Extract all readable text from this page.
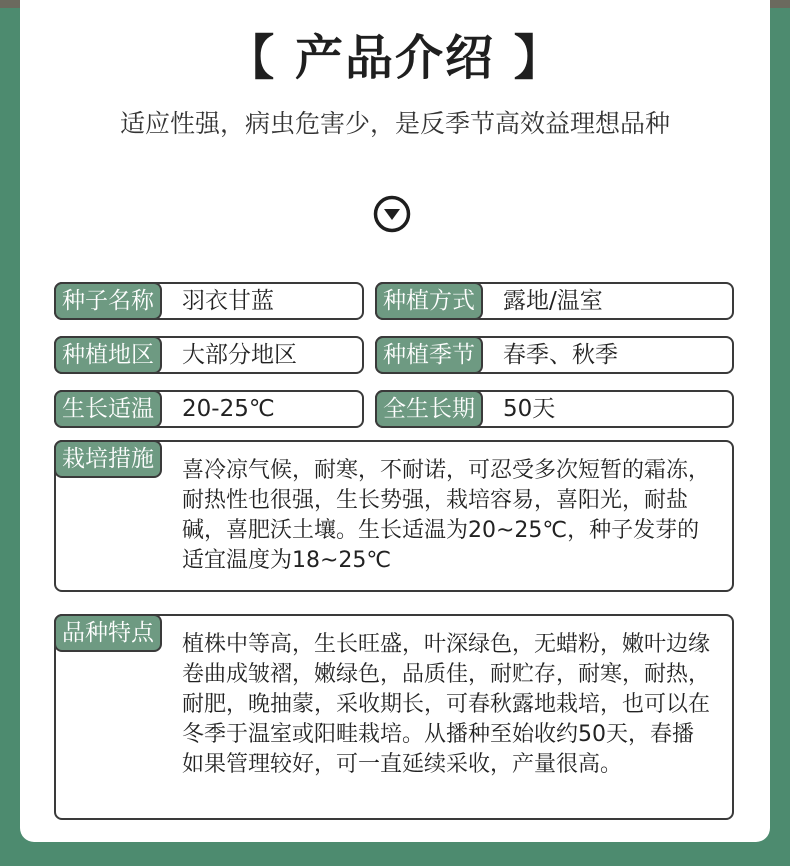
【 产品介绍 】
适应性强，病虫危害少，是反季节高效益理想品种
种子名称	羽衣甘蓝	种植方式	露地/温室
种植地区	大部分地区	种植季节	春季、秋季
生长适温	20-25℃	全生长期	50天
栽培措施	喜冷凉气候，耐寒，不耐诺，可忍受多次短暂的霜冻，耐热性也很强，生长势强，栽培容易，喜阳光，耐盐碱，喜肥沃土壤。生长适温为20~25℃，种子发芽的适宜温度为18~25℃
品种特点	植株中等高，生长旺盛，叶深绿色，无蜡粉，嫩叶边缘卷曲成皱褶，嫩绿色，品质佳，耐贮存，耐寒，耐热，耐肥，晚抽蒙，采收期长，可春秋露地栽培，也可以在冬季于温室或阳畦栽培。从播种至始收约50天，春播如果管理较好，可一直延续采收，产量很高。
